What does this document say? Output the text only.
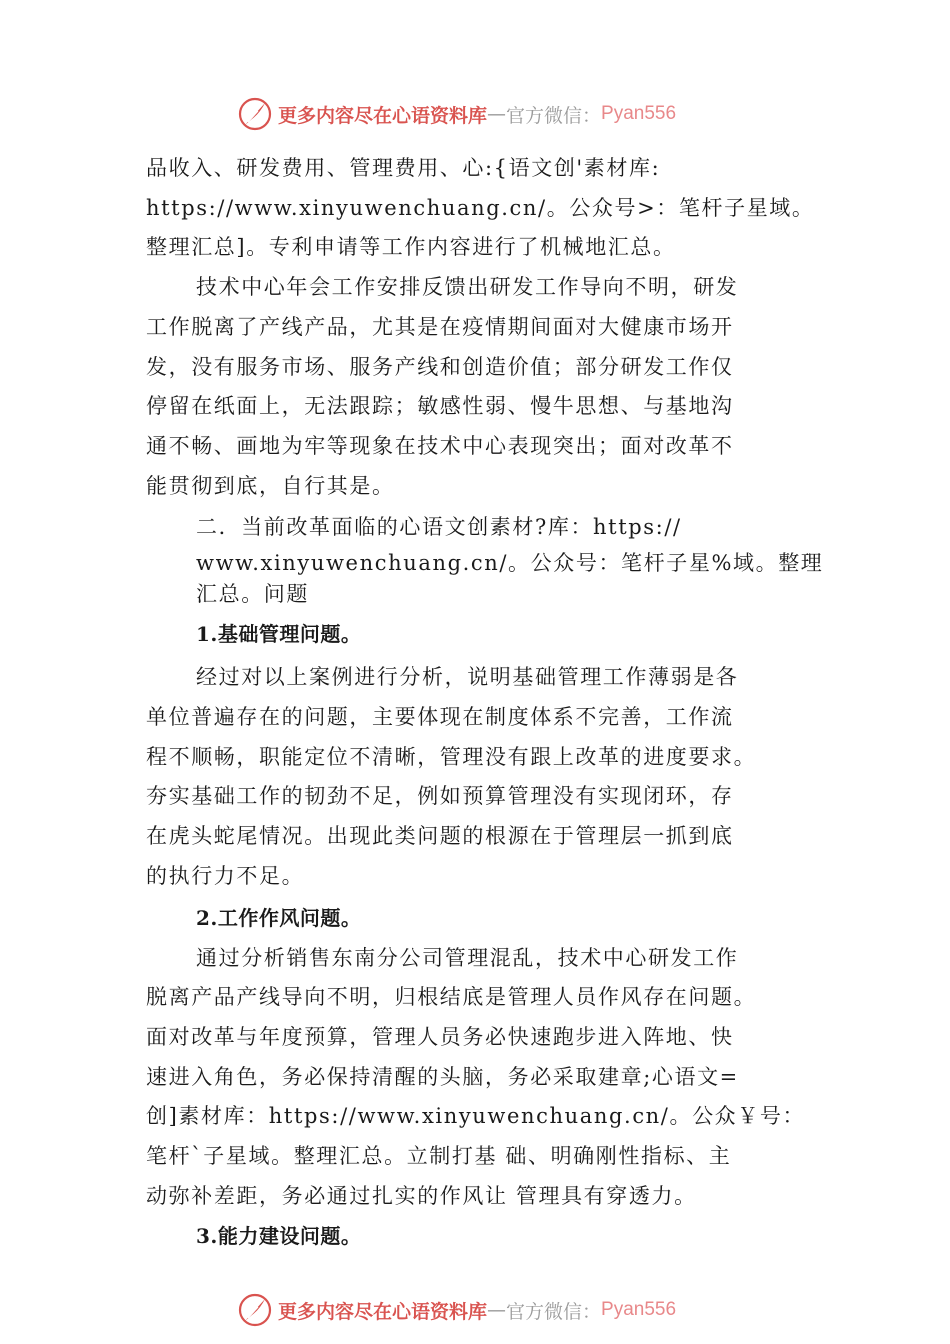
更多内容尽在心语资料库 — 官方微信： Pyan556
品收入、研发费用、管理费用、心:{语文创'素材库:
https://www.xinyuwenchuang.cn/。公众号>：笔杆子星域。
整理汇总]。专利申请等工作内容进行了机械地汇总。
技术中心年会工作安排反馈出研发工作导向不明，研发
工作脱离了产线产品，尤其是在疫情期间面对大健康市场开
发，没有服务市场、服务产线和创造价值；部分研发工作仅
停留在纸面上，无法跟踪；敏感性弱、慢牛思想、与基地沟
通不畅、画地为牢等现象在技术中心表现突出；面对改革不
能贯彻到底，自行其是。
二．当前改革面临的心语文创素材?库：https://
www.xinyuwenchuang.cn/。公众号：笔杆子星%域。整理
汇总。问题
1.基础管理问题。
经过对以上案例进行分析，说明基础管理工作薄弱是各
单位普遍存在的问题，主要体现在制度体系不完善，工作流
程不顺畅，职能定位不清晰，管理没有跟上改革的进度要求。
夯实基础工作的韧劲不足，例如预算管理没有实现闭环，存
在虎头蛇尾情况。出现此类问题的根源在于管理层一抓到底
的执行力不足。
2.工作作风问题。
通过分析销售东南分公司管理混乱，技术中心研发工作
脱离产品产线导向不明，归根结底是管理人员作风存在问题。
面对改革与年度预算，管理人员务必快速跑步进入阵地、快
速进入角色，务必保持清醒的头脑，务必采取建章;心语文=
创]素材库：https://www.xinyuwenchuang.cn/。公众￥号：
笔杆`子星域。整理汇总。立制打基 础、明确刚性指标、主
动弥补差距，务必通过扎实的作风让 管理具有穿透力。
3.能力建设问题。
更多内容尽在心语资料库 — 官方微信： Pyan556
